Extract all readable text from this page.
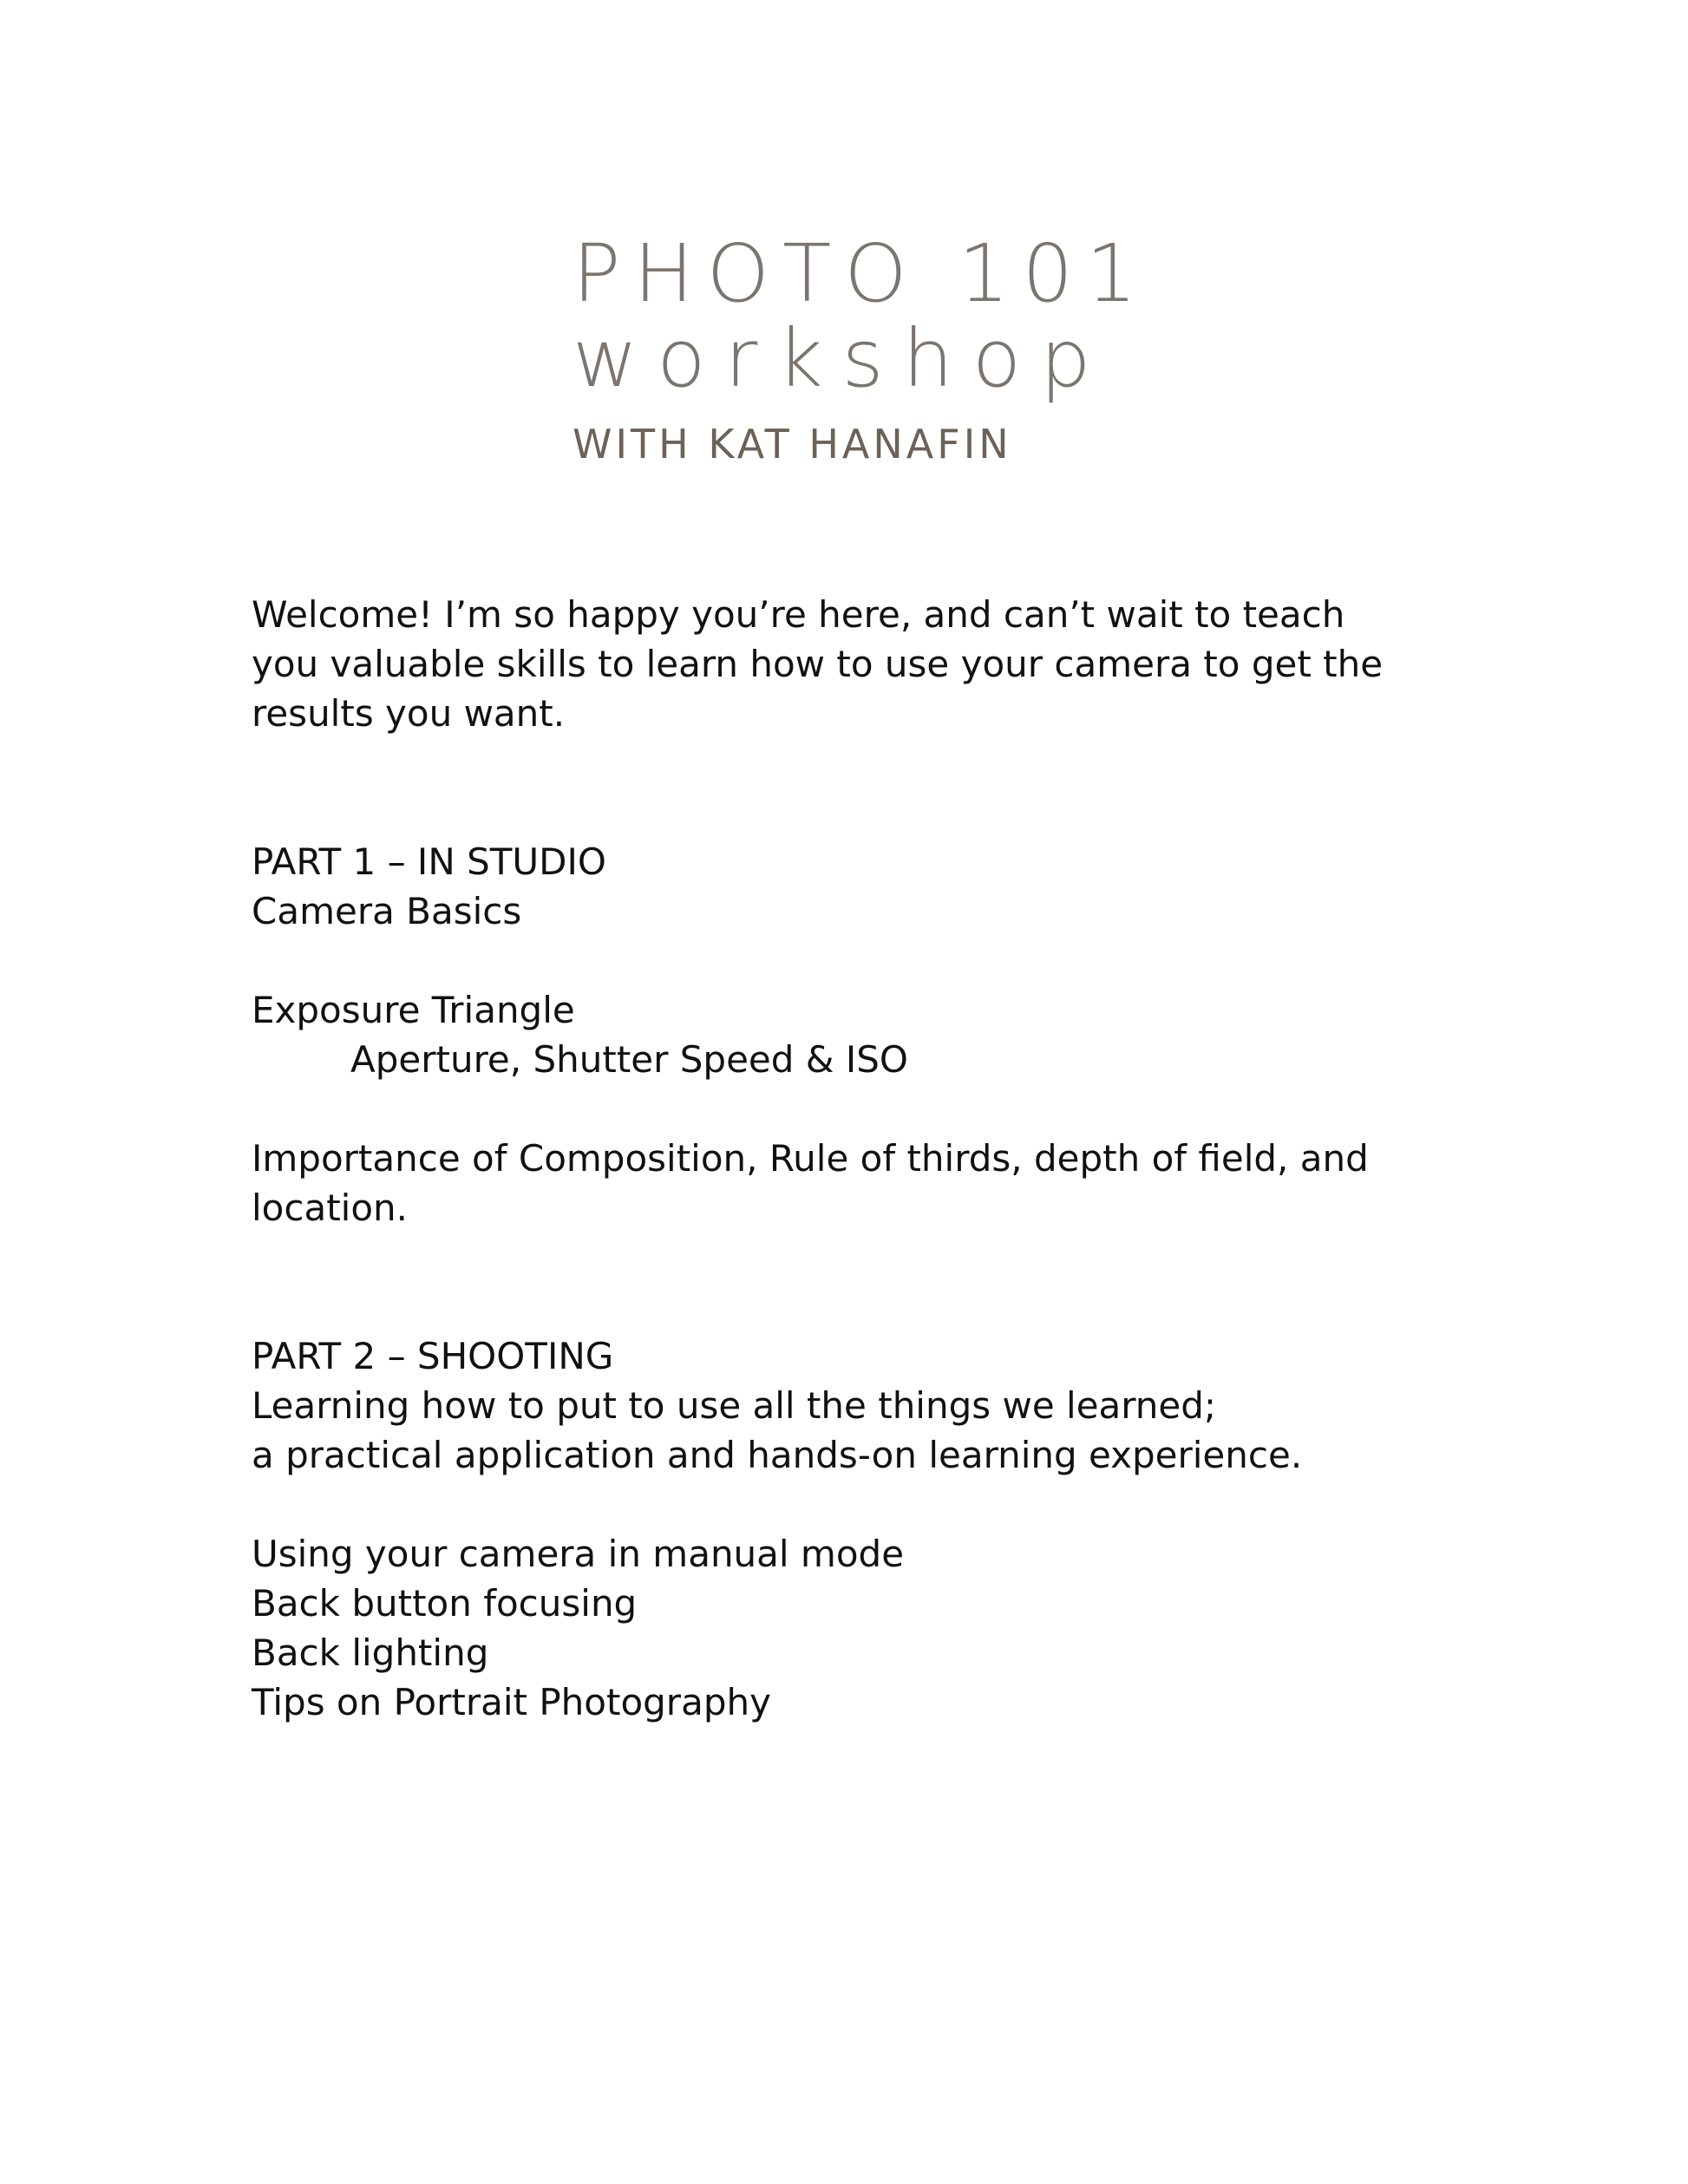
PHOTO 101
workshop
WITH KAT HANAFIN
Welcome! I’m so happy you’re here, and can’t wait to teach
you valuable skills to learn how to use your camera to get the
results you want.
PART 1 – IN STUDIO
Camera Basics
Exposure Triangle
Aperture, Shutter Speed & ISO
Importance of Composition, Rule of thirds, depth of field, and
location.
PART 2 – SHOOTING
Learning how to put to use all the things we learned;
a practical application and hands-on learning experience.
Using your camera in manual mode
Back button focusing
Back lighting
Tips on Portrait Photography
